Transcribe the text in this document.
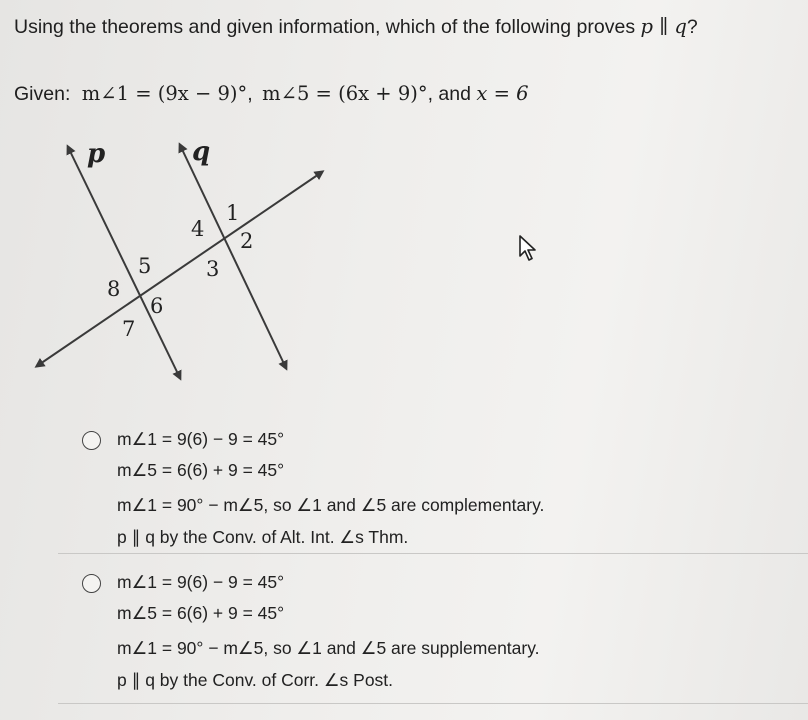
Using the theorems and given information, which of the following proves p ∥ q?
Given: m∠1 = (9x − 9)°, m∠5 = (6x + 9)°, and x = 6
p	q
1
2
3
4
5
6
7
8
m∠1 = 9(6) − 9 = 45°
m∠5 = 6(6) + 9 = 45°
m∠1 = 90° − m∠5, so ∠1 and ∠5 are complementary.
p ∥ q by the Conv. of Alt. Int. ∠s Thm.
m∠1 = 9(6) − 9 = 45°
m∠5 = 6(6) + 9 = 45°
m∠1 = 90° − m∠5, so ∠1 and ∠5 are supplementary.
p ∥ q by the Conv. of Corr. ∠s Post.
